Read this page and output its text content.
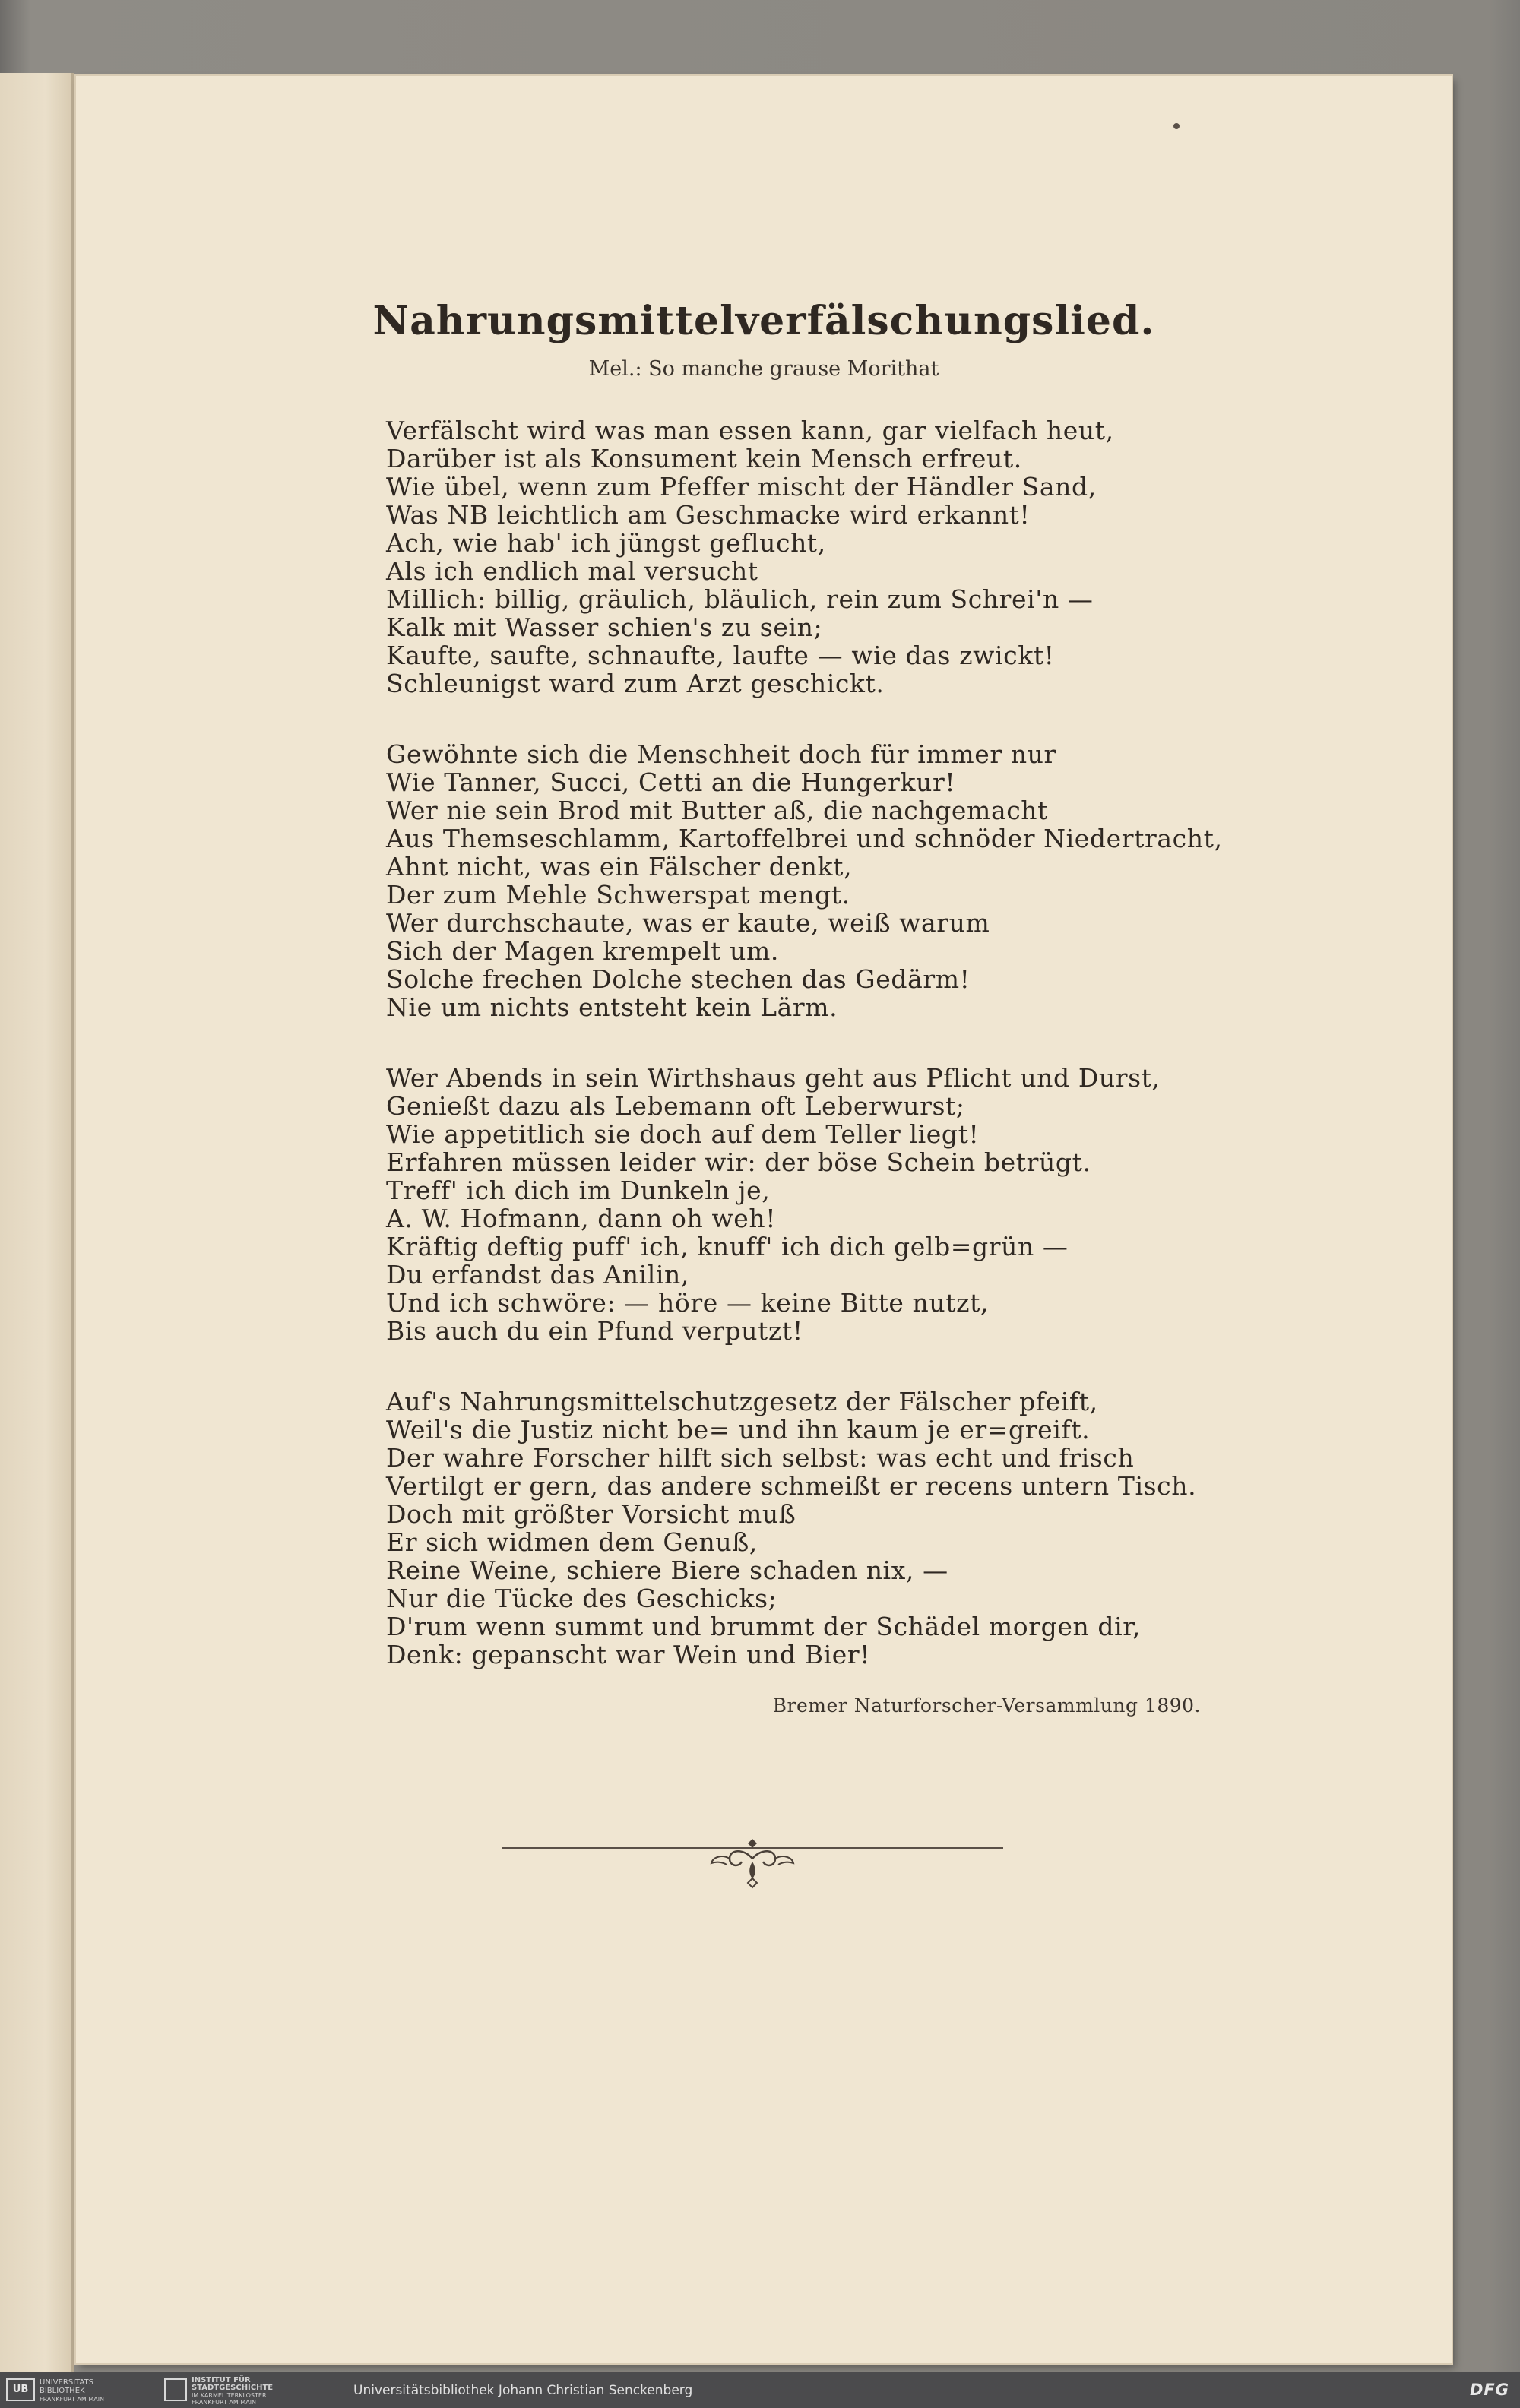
Nahrungsmittelverfälschungslied.
Mel.: So manche grause Morithat
Verfälscht wird was man essen kann, gar vielfach heut,
Darüber ist als Konsument kein Mensch erfreut.
Wie übel, wenn zum Pfeffer mischt der Händler Sand,
Was NB leichtlich am Geschmacke wird erkannt!
Ach, wie hab' ich jüngst geflucht,
Als ich endlich mal versucht
Millich: billig, gräulich, bläulich, rein zum Schrei'n —
Kalk mit Wasser schien's zu sein;
Kaufte, saufte, schnaufte, laufte — wie das zwickt!
Schleunigst ward zum Arzt geschickt.
Gewöhnte sich die Menschheit doch für immer nur
Wie Tanner, Succi, Cetti an die Hungerkur!
Wer nie sein Brod mit Butter aß, die nachgemacht
Aus Themseschlamm, Kartoffelbrei und schnöder Niedertracht,
Ahnt nicht, was ein Fälscher denkt,
Der zum Mehle Schwerspat mengt.
Wer durchschaute, was er kaute, weiß warum
Sich der Magen krempelt um.
Solche frechen Dolche stechen das Gedärm!
Nie um nichts entsteht kein Lärm.
Wer Abends in sein Wirthshaus geht aus Pflicht und Durst,
Genießt dazu als Lebemann oft Leberwurst;
Wie appetitlich sie doch auf dem Teller liegt!
Erfahren müssen leider wir: der böse Schein betrügt.
Treff' ich dich im Dunkeln je,
A. W. Hofmann, dann oh weh!
Kräftig deftig puff' ich, knuff' ich dich gelb=grün —
Du erfandst das Anilin,
Und ich schwöre: — höre — keine Bitte nutzt,
Bis auch du ein Pfund verputzt!
Auf's Nahrungsmittelschutzgesetz der Fälscher pfeift,
Weil's die Justiz nicht be= und ihn kaum je er=greift.
Der wahre Forscher hilft sich selbst: was echt und frisch
Vertilgt er gern, das andere schmeißt er recens untern Tisch.
Doch mit größter Vorsicht muß
Er sich widmen dem Genuß,
Reine Weine, schiere Biere schaden nix, —
Nur die Tücke des Geschicks;
D'rum wenn summt und brummt der Schädel morgen dir,
Denk: gepanscht war Wein und Bier!
Bremer Naturforscher-Versammlung 1890.
UB
UNIVERSITÄTS
BIBLIOTHEK
FRANKFURT AM MAIN
INSTITUT FÜR
STADTGESCHICHTE
IM KARMELITERKLOSTER
FRANKFURT AM MAIN
Universitätsbibliothek Johann Christian Senckenberg	DFG
